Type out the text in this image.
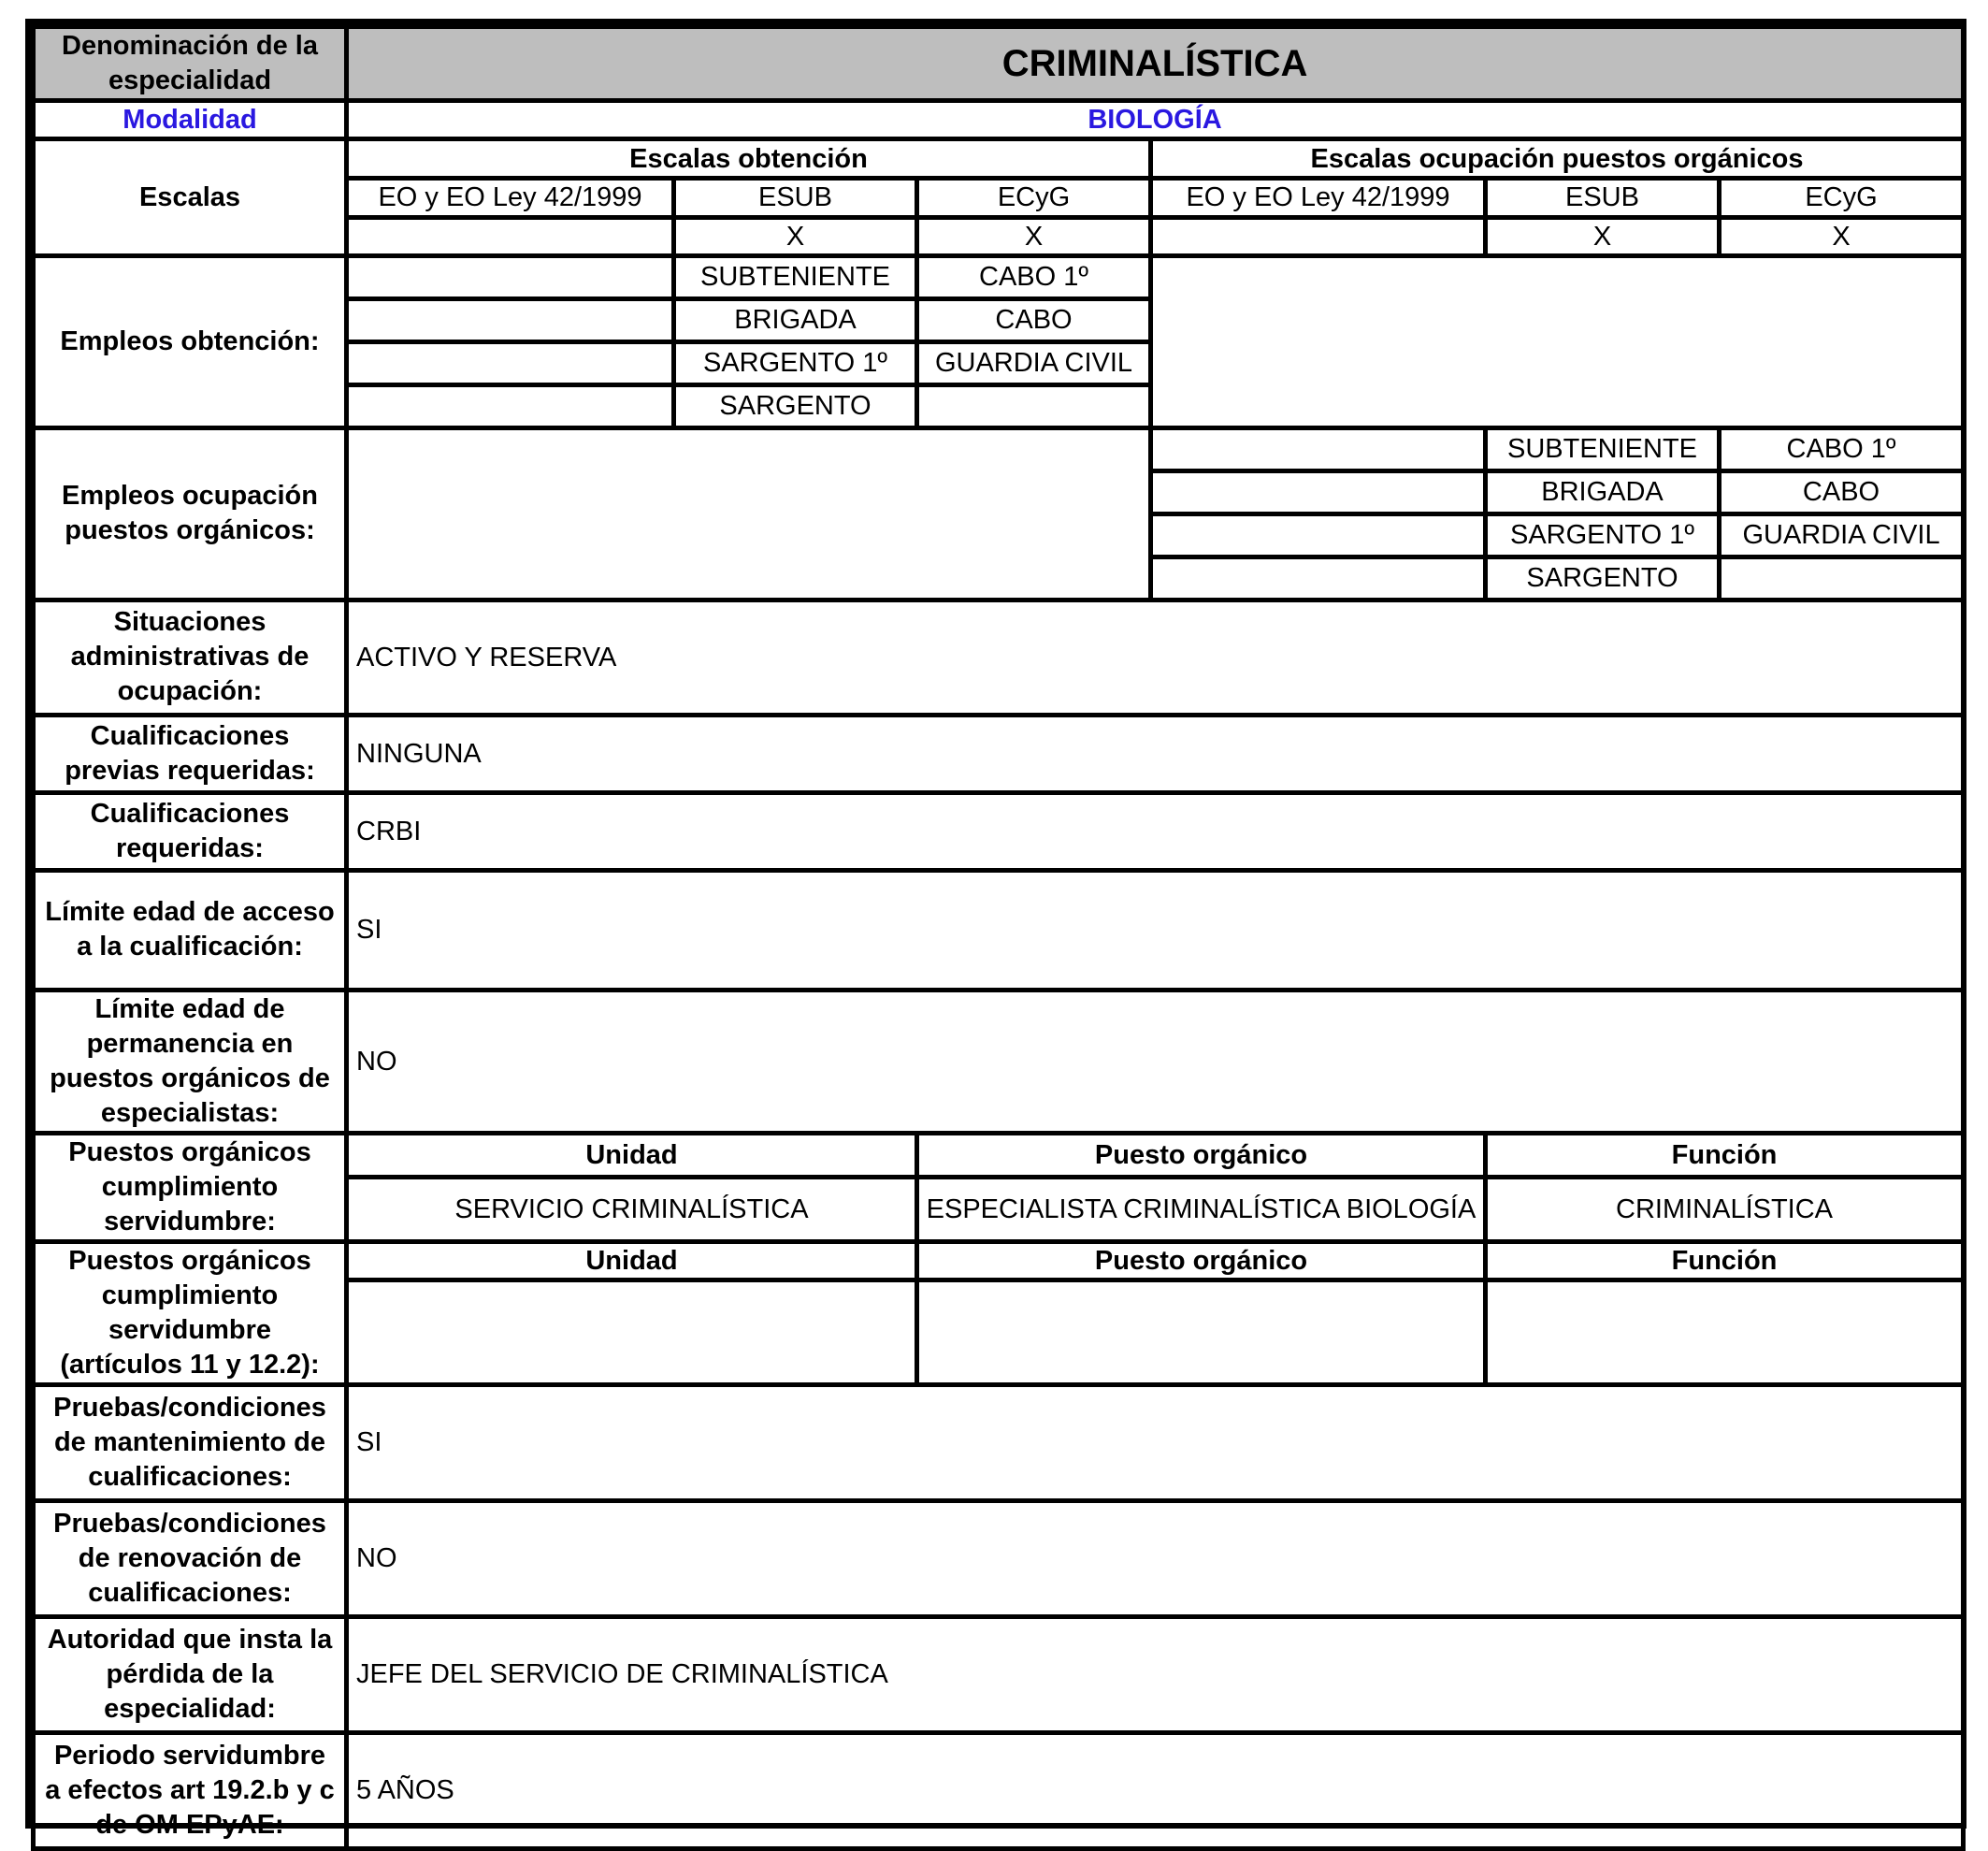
Denominación de la especialidad	CRIMINALÍSTICA					
Modalidad	BIOLOGÍA					
Escalas	Escalas obtención			Escalas ocupación puestos orgánicos		
	EO y EO Ley 42/1999	ESUB	ECyG	EO y EO Ley 42/1999	ESUB	ECyG
		X	X		X	X
Empleos obtención:		SUBTENIENTE	CABO 1º			
		BRIGADA	CABO			
		SARGENTO 1º	GUARDIA CIVIL			
		SARGENTO				
Empleos ocupación puestos orgánicos:					SUBTENIENTE	CABO 1º
					BRIGADA	CABO
					SARGENTO 1º	GUARDIA CIVIL
					SARGENTO	
Situaciones administrativas de ocupación:	ACTIVO Y RESERVA					
Cualificaciones previas requeridas:	NINGUNA					
Cualificaciones requeridas:	CRBI					
Límite edad de acceso a la cualificación:	SI					
Límite edad de permanencia en puestos orgánicos de especialistas:	NO					
Puestos orgánicos cumplimiento servidumbre:	Unidad		Puesto orgánico		Función	
	SERVICIO CRIMINALÍSTICA		ESPECIALISTA CRIMINALÍSTICA BIOLOGÍA		CRIMINALÍSTICA	
Puestos orgánicos cumplimiento servidumbre (artículos 11 y 12.2):	Unidad		Puesto orgánico		Función	

Pruebas/condiciones de mantenimiento de cualificaciones:	SI					
Pruebas/condiciones de renovación de cualificaciones:	NO					
Autoridad que insta la pérdida de la especialidad:	JEFE DEL SERVICIO DE CRIMINALÍSTICA					
Periodo servidumbre a efectos art 19.2.b y c de OM EPyAE:	5 AÑOS					
